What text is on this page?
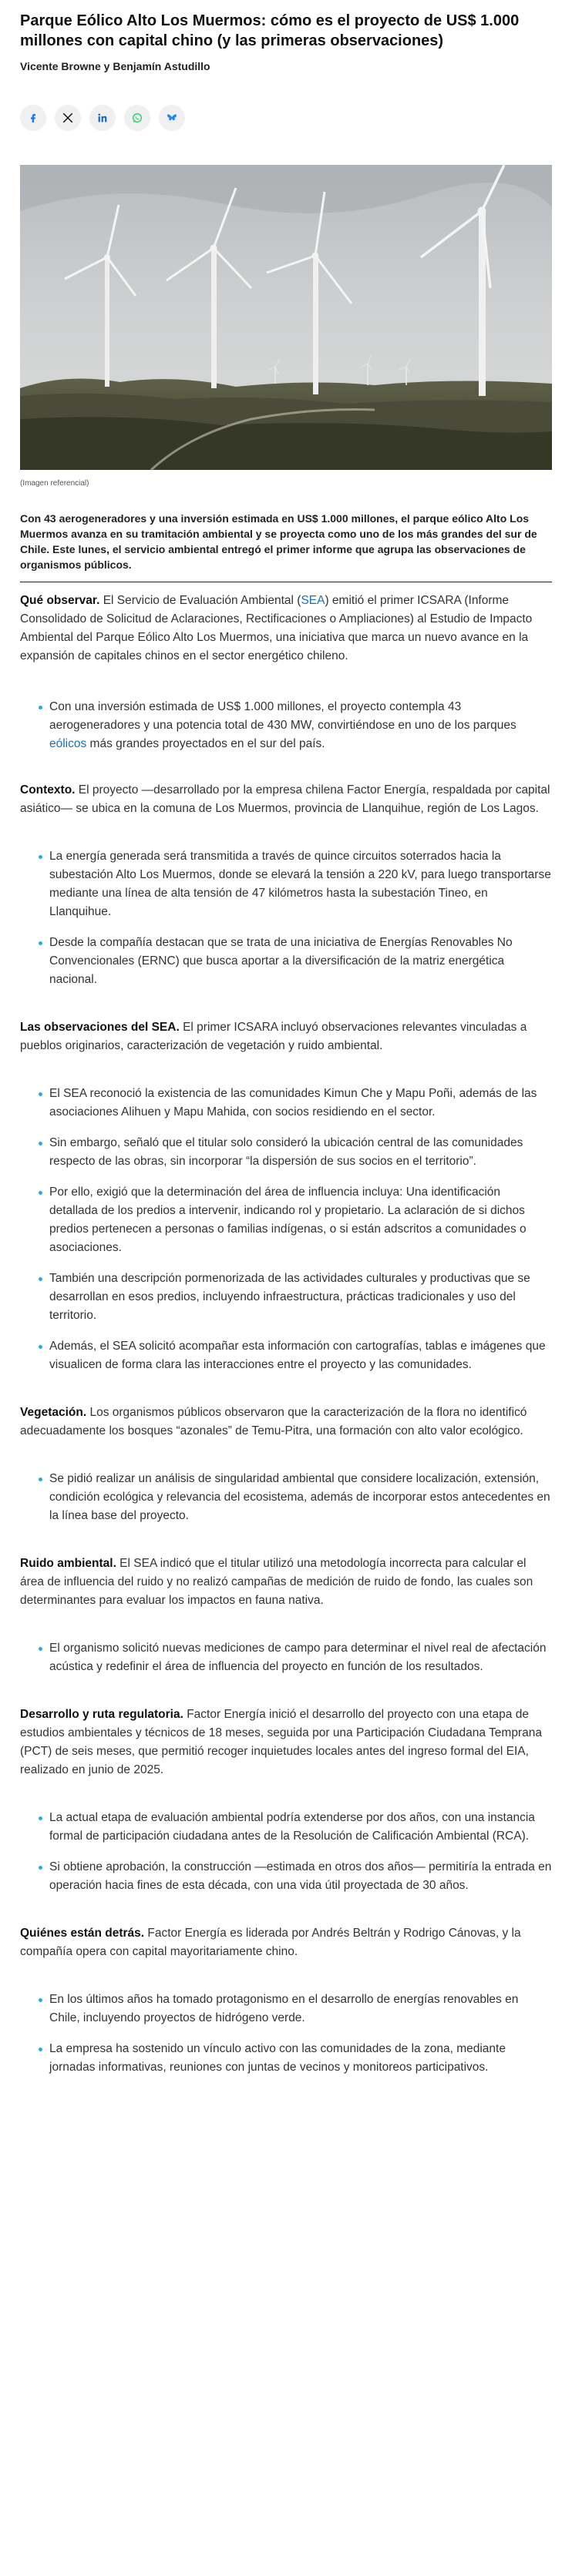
Parque Eólico Alto Los Muermos: cómo es el proyecto de US$ 1.000 millones con capital chino (y las primeras observaciones)
Vicente Browne y Benjamín Astudillo
(Imagen referencial)
Con 43 aerogeneradores y una inversión estimada en US$ 1.000 millones, el parque eólico Alto Los Muermos avanza en su tramitación ambiental y se proyecta como uno de los más grandes del sur de Chile. Este lunes, el servicio ambiental entregó el primer informe que agrupa las observaciones de organismos públicos.

Qué observar. El Servicio de Evaluación Ambiental (SEA) emitió el primer ICSARA (Informe Consolidado de Solicitud de Aclaraciones, Rectificaciones o Ampliaciones) al Estudio de Impacto Ambiental del Parque Eólico Alto Los Muermos, una iniciativa que marca un nuevo avance en la expansión de capitales chinos en el sector energético chileno.

Con una inversión estimada de US$ 1.000 millones, el proyecto contempla 43 aerogeneradores y una potencia total de 430 MW, convirtiéndose en uno de los parques eólicos más grandes proyectados en el sur del país.

Contexto. El proyecto —desarrollado por la empresa chilena Factor Energía, respaldada por capital asiático— se ubica en la comuna de Los Muermos, provincia de Llanquihue, región de Los Lagos.

La energía generada será transmitida a través de quince circuitos soterrados hacia la subestación Alto Los Muermos, donde se elevará la tensión a 220 kV, para luego transportarse mediante una línea de alta tensión de 47 kilómetros hasta la subestación Tineo, en Llanquihue.
Desde la compañía destacan que se trata de una iniciativa de Energías Renovables No Convencionales (ERNC) que busca aportar a la diversificación de la matriz energética nacional.

Las observaciones del SEA. El primer ICSARA incluyó observaciones relevantes vinculadas a pueblos originarios, caracterización de vegetación y ruido ambiental.

El SEA reconoció la existencia de las comunidades Kimun Che y Mapu Poñi, además de las asociaciones Alihuen y Mapu Mahida, con socios residiendo en el sector.
Sin embargo, señaló que el titular solo consideró la ubicación central de las comunidades respecto de las obras, sin incorporar “la dispersión de sus socios en el territorio”.
Por ello, exigió que la determinación del área de influencia incluya: Una identificación detallada de los predios a intervenir, indicando rol y propietario. La aclaración de si dichos predios pertenecen a personas o familias indígenas, o si están adscritos a comunidades o asociaciones.
También una descripción pormenorizada de las actividades culturales y productivas que se desarrollan en esos predios, incluyendo infraestructura, prácticas tradicionales y uso del territorio.
Además, el SEA solicitó acompañar esta información con cartografías, tablas e imágenes que visualicen de forma clara las interacciones entre el proyecto y las comunidades.

Vegetación. Los organismos públicos observaron que la caracterización de la flora no identificó adecuadamente los bosques “azonales” de Temu-Pitra, una formación con alto valor ecológico.

Se pidió realizar un análisis de singularidad ambiental que considere localización, extensión, condición ecológica y relevancia del ecosistema, además de incorporar estos antecedentes en la línea base del proyecto.

Ruido ambiental. El SEA indicó que el titular utilizó una metodología incorrecta para calcular el área de influencia del ruido y no realizó campañas de medición de ruido de fondo, las cuales son determinantes para evaluar los impactos en fauna nativa.

El organismo solicitó nuevas mediciones de campo para determinar el nivel real de afectación acústica y redefinir el área de influencia del proyecto en función de los resultados.

Desarrollo y ruta regulatoria. Factor Energía inició el desarrollo del proyecto con una etapa de estudios ambientales y técnicos de 18 meses, seguida por una Participación Ciudadana Temprana (PCT) de seis meses, que permitió recoger inquietudes locales antes del ingreso formal del EIA, realizado en junio de 2025.

La actual etapa de evaluación ambiental podría extenderse por dos años, con una instancia formal de participación ciudadana antes de la Resolución de Calificación Ambiental (RCA).
Si obtiene aprobación, la construcción —estimada en otros dos años— permitiría la entrada en operación hacia fines de esta década, con una vida útil proyectada de 30 años.

Quiénes están detrás. Factor Energía es liderada por Andrés Beltrán y Rodrigo Cánovas, y la compañía opera con capital mayoritariamente chino.

En los últimos años ha tomado protagonismo en el desarrollo de energías renovables en Chile, incluyendo proyectos de hidrógeno verde.
La empresa ha sostenido un vínculo activo con las comunidades de la zona, mediante jornadas informativas, reuniones con juntas de vecinos y monitoreos participativos.
